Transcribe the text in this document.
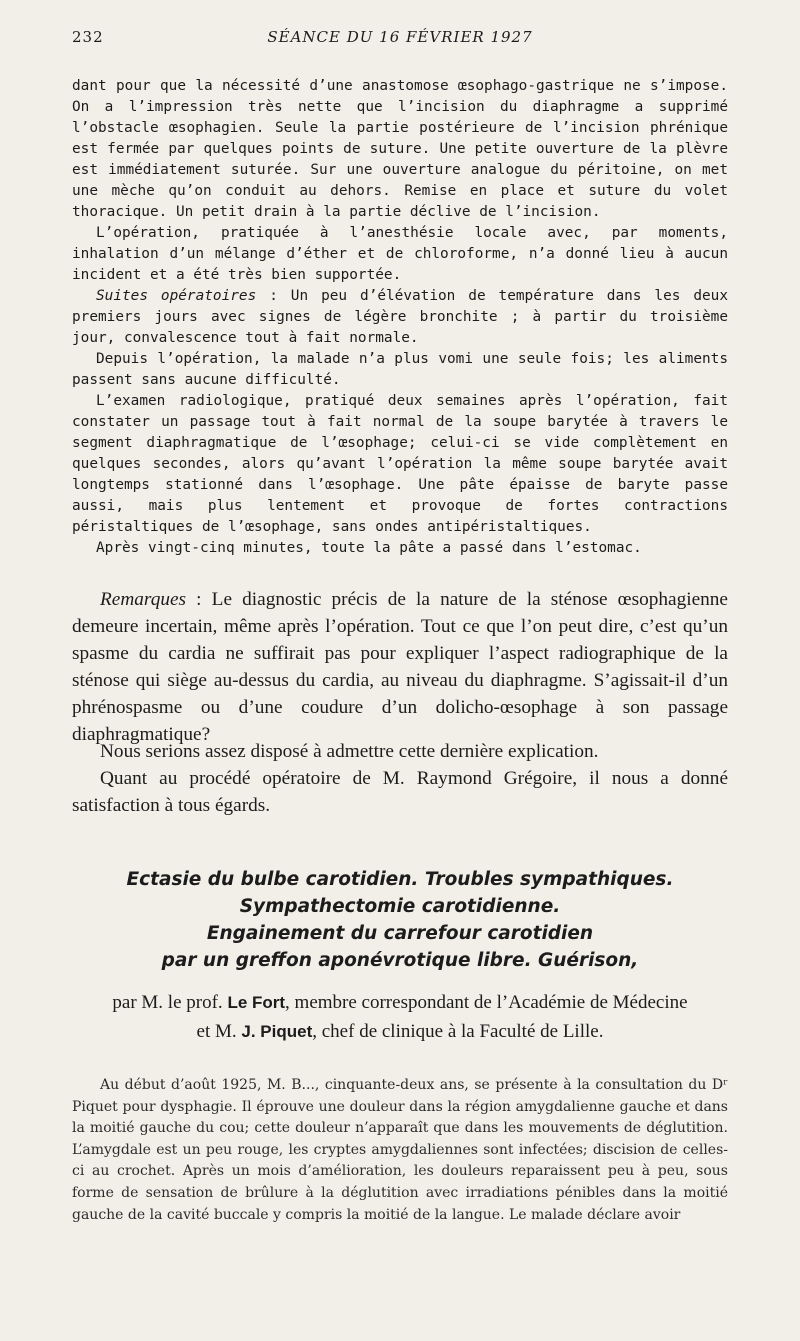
232	SÉANCE DU 16 FÉVRIER 1927

dant pour que la nécessité d’une anastomose œsophago-gastrique ne s’impose. On a l’impression très nette que l’incision du diaphragme a supprimé l’obstacle œsophagien. Seule la partie postérieure de l’incision phrénique est fermée par quelques points de suture. Une petite ouverture de la plèvre est immédiatement suturée. Sur une ouverture analogue du péritoine, on met une mèche qu’on conduit au dehors. Remise en place et suture du volet thoracique. Un petit drain à la partie déclive de l’incision.

L’opération, pratiquée à l’anesthésie locale avec, par moments, inhalation d’un mélange d’éther et de chloroforme, n’a donné lieu à aucun incident et a été très bien supportée.

Suites opératoires : Un peu d’élévation de température dans les deux premiers jours avec signes de légère bronchite ; à partir du troisième jour, convalescence tout à fait normale.

Depuis l’opération, la malade n’a plus vomi une seule fois; les aliments passent sans aucune difficulté.

L’examen radiologique, pratiqué deux semaines après l’opération, fait constater un passage tout à fait normal de la soupe barytée à travers le segment diaphragmatique de l’œsophage; celui-ci se vide complètement en quelques secondes, alors qu’avant l’opération la même soupe barytée avait longtemps stationné dans l’œsophage. Une pâte épaisse de baryte passe aussi, mais plus lentement et provoque de fortes contractions péristaltiques de l’œsophage, sans ondes antipéristaltiques.

Après vingt-cinq minutes, toute la pâte a passé dans l’estomac.

Remarques : Le diagnostic précis de la nature de la sténose œsophagienne demeure incertain, même après l’opération. Tout ce que l’on peut dire, c’est qu’un spasme du cardia ne suffirait pas pour expliquer l’aspect radiographique de la sténose qui siège au-dessus du cardia, au niveau du diaphragme. S’agissait-il d’un phrénospasme ou d’une coudure d’un dolicho-œsophage à son passage diaphragmatique?

Nous serions assez disposé à admettre cette dernière explication.

Quant au procédé opératoire de M. Raymond Grégoire, il nous a donné satisfaction à tous égards.

Ectasie du bulbe carotidien. Troubles sympathiques.
Sympathectomie carotidienne.
Engainement du carrefour carotidien
par un greffon aponévrotique libre. Guérison,

par M. le prof. Le Fort, membre correspondant de l’Académie de Médecine
et M. J. Piquet, chef de clinique à la Faculté de Lille.

Au début d’août 1925, M. B..., cinquante-deux ans, se présente à la consultation du Dʳ Piquet pour dysphagie. Il éprouve une douleur dans la région amygdalienne gauche et dans la moitié gauche du cou; cette douleur n’apparaît que dans les mouvements de déglutition. L’amygdale est un peu rouge, les cryptes amygdaliennes sont infectées; discision de celles-ci au crochet. Après un mois d’amélioration, les douleurs reparaissent peu à peu, sous forme de sensation de brûlure à la déglutition avec irradiations pénibles dans la moitié gauche de la cavité buccale y compris la moitié de la langue. Le malade déclare avoir
